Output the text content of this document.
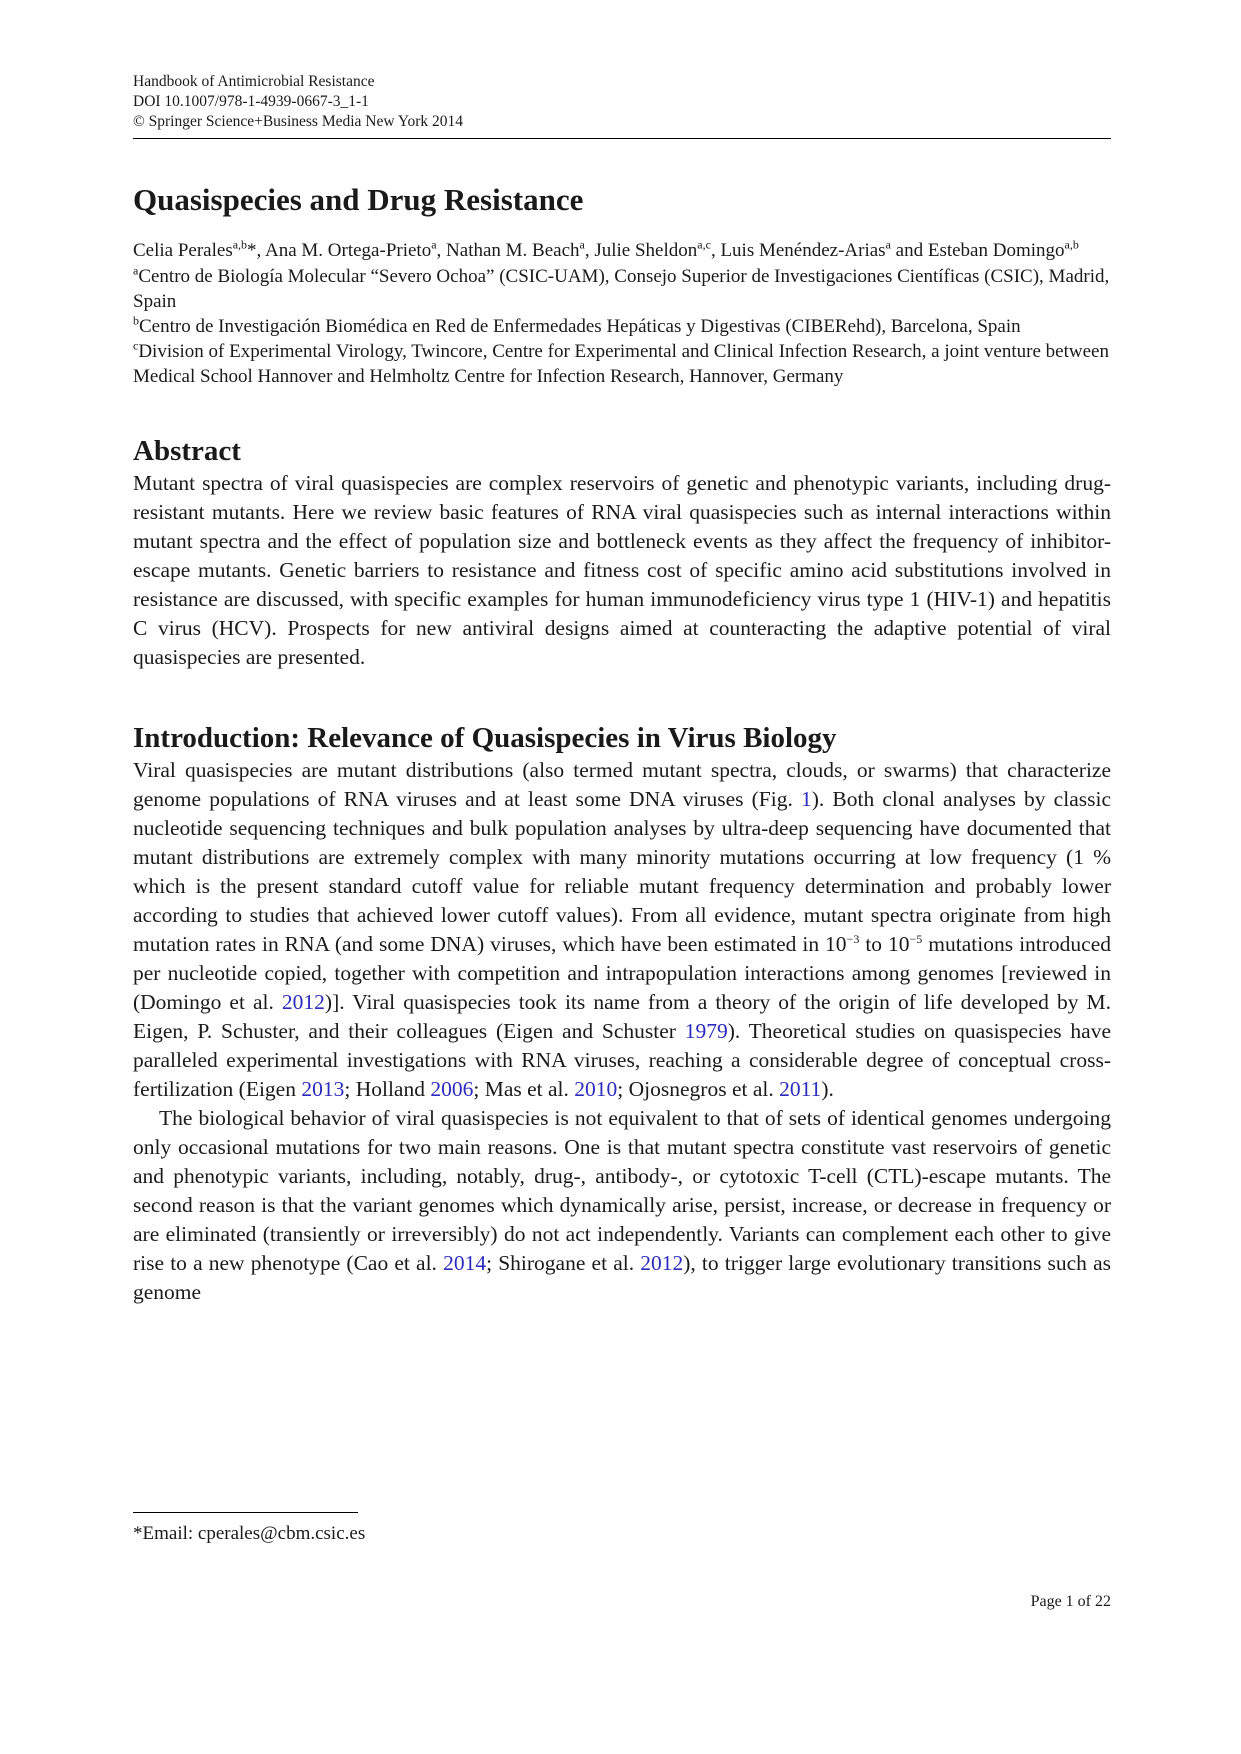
Handbook of Antimicrobial Resistance
DOI 10.1007/978-1-4939-0667-3_1-1
© Springer Science+Business Media New York 2014
Quasispecies and Drug Resistance
Celia Perales$^{a,b}$*, Ana M. Ortega-Prieto$^a$, Nathan M. Beach$^a$, Julie Sheldon$^{a,c}$, Luis Menéndez-Arias$^a$ and Esteban Domingo$^{a,b}$
$^a$Centro de Biología Molecular “Severo Ochoa” (CSIC-UAM), Consejo Superior de Investigaciones Científicas (CSIC), Madrid, Spain
$^b$Centro de Investigación Biomédica en Red de Enfermedades Hepáticas y Digestivas (CIBERehd), Barcelona, Spain
$^c$Division of Experimental Virology, Twincore, Centre for Experimental and Clinical Infection Research, a joint venture between Medical School Hannover and Helmholtz Centre for Infection Research, Hannover, Germany
Abstract

Mutant spectra of viral quasispecies are complex reservoirs of genetic and phenotypic variants, including drug-resistant mutants. Here we review basic features of RNA viral quasispecies such as internal interactions within mutant spectra and the effect of population size and bottleneck events as they affect the frequency of inhibitor-escape mutants. Genetic barriers to resistance and fitness cost of specific amino acid substitutions involved in resistance are discussed, with specific examples for human immunodeficiency virus type 1 (HIV-1) and hepatitis C virus (HCV). Prospects for new antiviral designs aimed at counteracting the adaptive potential of viral quasispecies are presented.

Introduction: Relevance of Quasispecies in Virus Biology

Viral quasispecies are mutant distributions (also termed mutant spectra, clouds, or swarms) that characterize genome populations of RNA viruses and at least some DNA viruses (Fig. 1). Both clonal analyses by classic nucleotide sequencing techniques and bulk population analyses by ultra-deep sequencing have documented that mutant distributions are extremely complex with many minority mutations occurring at low frequency (1 % which is the present standard cutoff value for reliable mutant frequency determination and probably lower according to studies that achieved lower cutoff values). From all evidence, mutant spectra originate from high mutation rates in RNA (and some DNA) viruses, which have been estimated in $10^{-3}$ to $10^{-5}$ mutations introduced per nucleotide copied, together with competition and intrapopulation interactions among genomes [reviewed in (Domingo et al. 2012)]. Viral quasispecies took its name from a theory of the origin of life developed by M. Eigen, P. Schuster, and their colleagues (Eigen and Schuster 1979). Theoretical studies on quasispecies have paralleled experimental investigations with RNA viruses, reaching a considerable degree of conceptual cross-fertilization (Eigen 2013; Holland 2006; Mas et al. 2010; Ojosnegros et al. 2011).

The biological behavior of viral quasispecies is not equivalent to that of sets of identical genomes undergoing only occasional mutations for two main reasons. One is that mutant spectra constitute vast reservoirs of genetic and phenotypic variants, including, notably, drug-, antibody-, or cytotoxic T-cell (CTL)-escape mutants. The second reason is that the variant genomes which dynamically arise, persist, increase, or decrease in frequency or are eliminated (transiently or irreversibly) do not act independently. Variants can complement each other to give rise to a new phenotype (Cao et al. 2014; Shirogane et al. 2012), to trigger large evolutionary transitions such as genome

*Email: cperales@cbm.csic.es
Page 1 of 22
